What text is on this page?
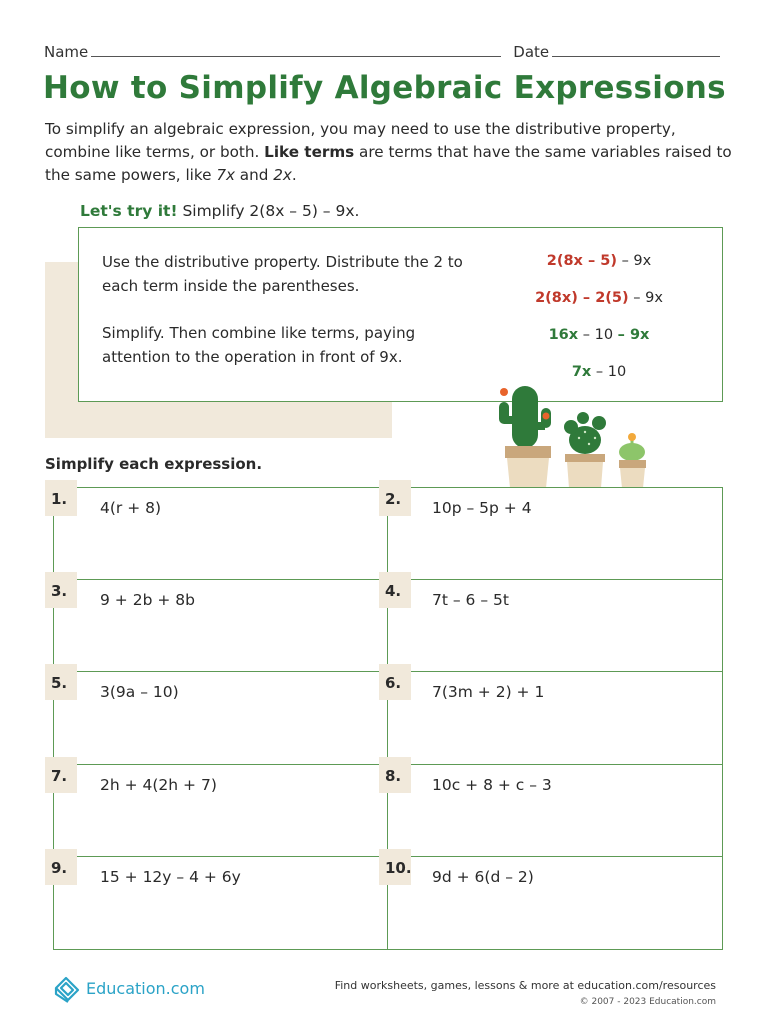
Name	Date
How to Simplify Algebraic Expressions

To simplify an algebraic expression, you may need to use the distributive property, combine like terms, or both. Like terms are terms that have the same variables raised to the same powers, like 7x and 2x.

Let's try it! Simplify 2(8x – 5) – 9x.

Use the distributive property. Distribute the 2 to each term inside the parentheses.

Simplify. Then combine like terms, paying attention to the operation in front of 9x.

2(8x – 5) – 9x
2(8x) – 2(5) – 9x
16x – 10 – 9x
7x – 10
Simplify each expression.
1.	4(r + 8)	2.	10p – 5p + 4
3.	9 + 2b + 8b	4.	7t – 6 – 5t
5.	3(9a – 10)	6.	7(3m + 2) + 1
7.	2h + 4(2h + 7)	8.	10c + 8 + c – 3
9.	15 + 12y – 4 + 6y	10. 9d + 6(d – 2)
Education.com	Find worksheets, games, lessons & more at education.com/resources
© 2007 - 2023 Education.com
